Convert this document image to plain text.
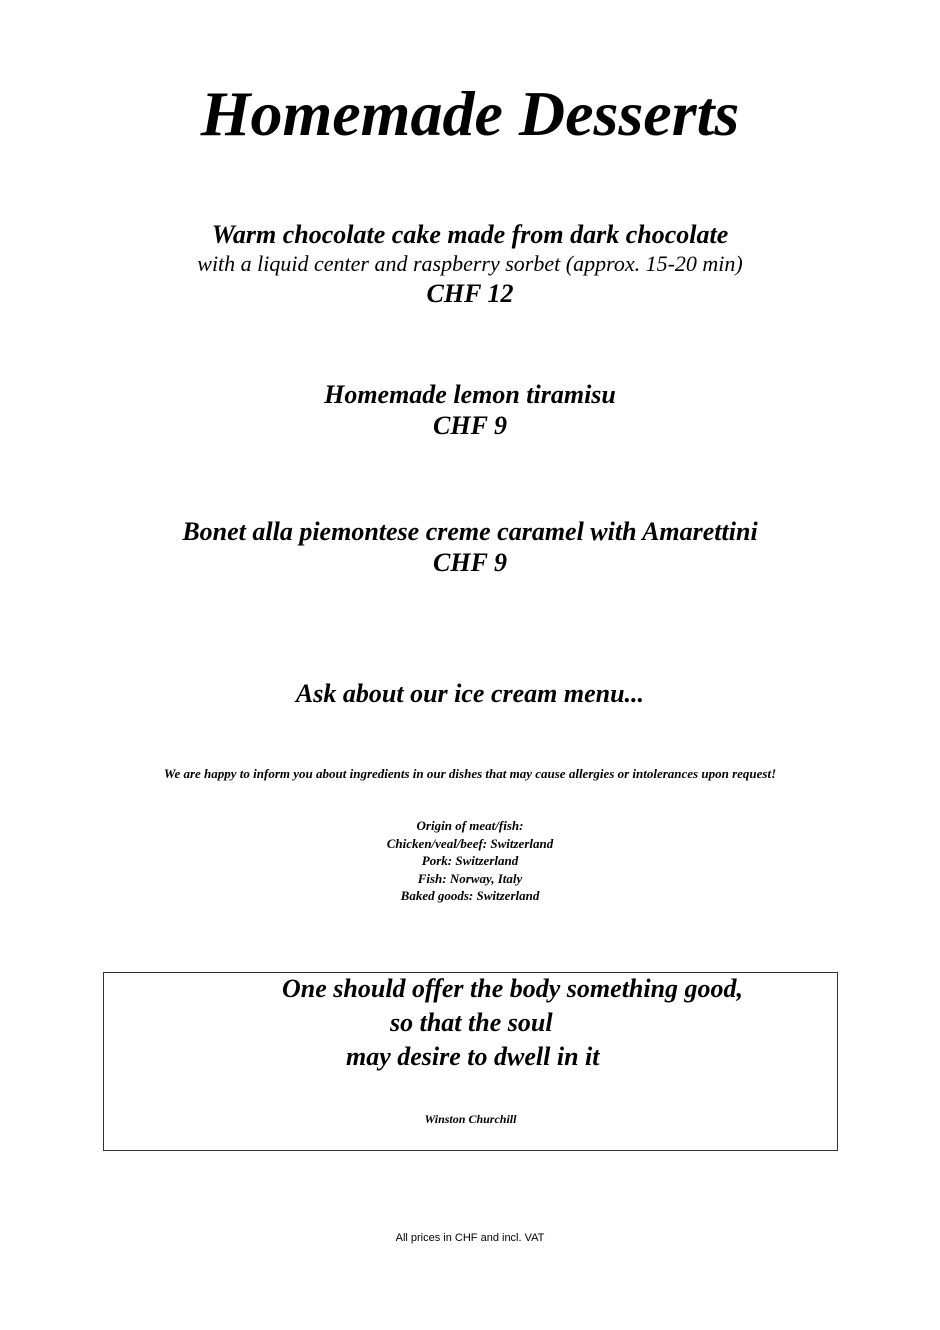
Homemade Desserts
Warm chocolate cake made from dark chocolate
with a liquid center and raspberry sorbet (approx. 15-20 min)
CHF 12
Homemade lemon tiramisu
CHF 9
Bonet alla piemontese creme caramel with Amarettini
CHF 9
Ask about our ice cream menu...
We are happy to inform you about ingredients in our dishes that may cause allergies or intolerances upon request!
Origin of meat/fish:
Chicken/veal/beef: Switzerland
Pork: Switzerland
Fish: Norway, Italy
Baked goods: Switzerland
One should offer the body something good,
so that the soul
may desire to dwell in it
Winston Churchill
All prices in CHF and incl. VAT
